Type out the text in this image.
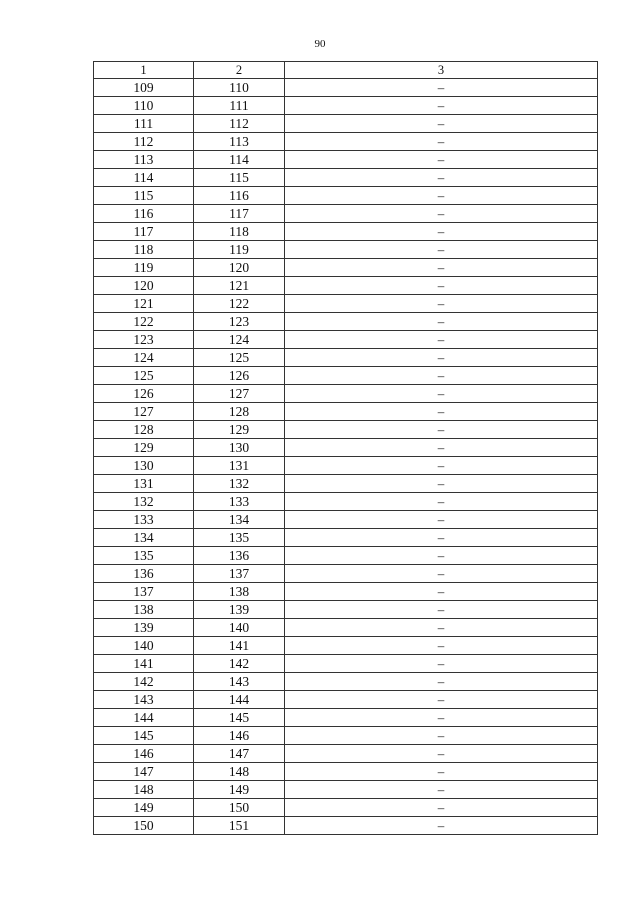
90
1	2	3
109	110	–
110	111	–
111	112	–
112	113	–
113	114	–
114	115	–
115	116	–
116	117	–
117	118	–
118	119	–
119	120	–
120	121	–
121	122	–
122	123	–
123	124	–
124	125	–
125	126	–
126	127	–
127	128	–
128	129	–
129	130	–
130	131	–
131	132	–
132	133	–
133	134	–
134	135	–
135	136	–
136	137	–
137	138	–
138	139	–
139	140	–
140	141	–
141	142	–
142	143	–
143	144	–
144	145	–
145	146	–
146	147	–
147	148	–
148	149	–
149	150	–
150	151	–
